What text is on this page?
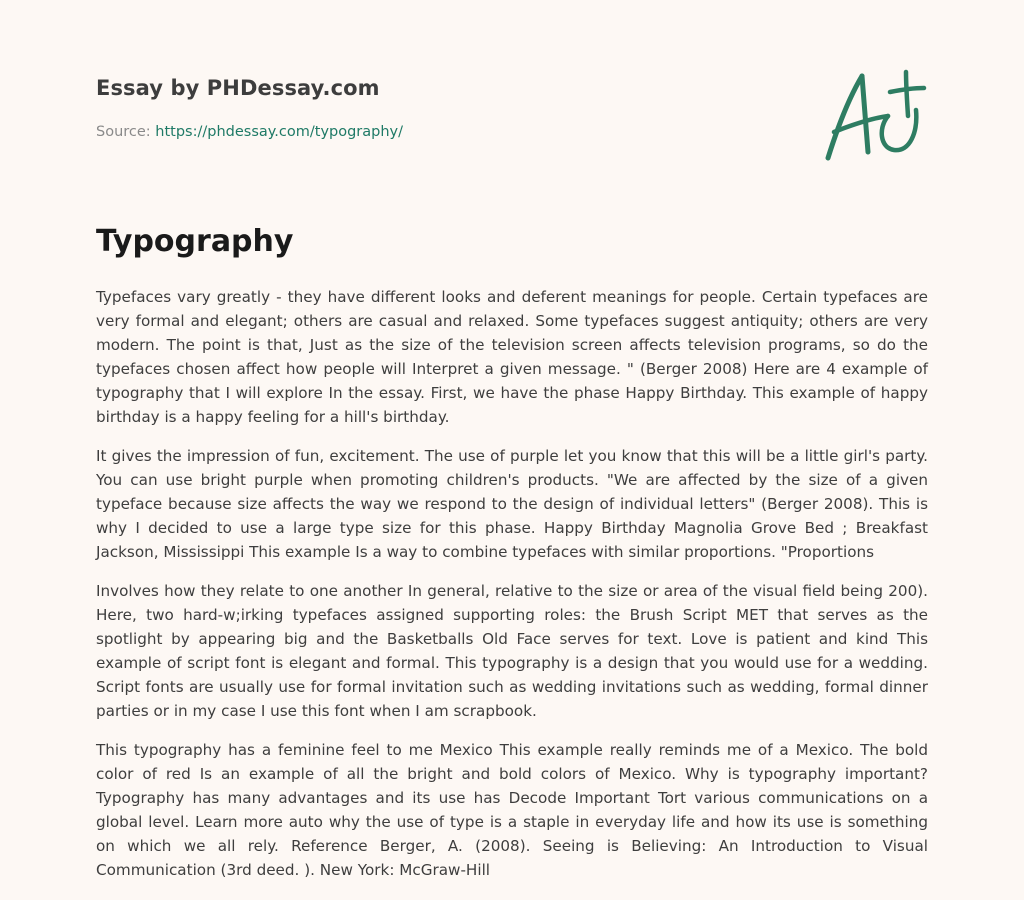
Essay by PHDessay.com

Source: https://phdessay.com/typography/

Typography

Typefaces vary greatly - they have different looks and deferent meanings for people. Certain typefaces are very formal and elegant; others are casual and relaxed. Some typefaces suggest antiquity; others are very modern. The point is that, Just as the size of the television screen affects television programs, so do the typefaces chosen affect how people will Interpret a given message. " (Berger 2008) Here are 4 example of typography that I will explore In the essay. First, we have the phase Happy Birthday. This example of happy birthday is a happy feeling for a hill's birthday.

It gives the impression of fun, excitement. The use of purple let you know that this will be a little girl's party. You can use bright purple when promoting children's products. "We are affected by the size of a given typeface because size affects the way we respond to the design of individual letters" (Berger 2008). This is why I decided to use a large type size for this phase. Happy Birthday Magnolia Grove Bed ; Breakfast Jackson, Mississippi This example Is a way to combine typefaces with similar proportions. "Proportions

Involves how they relate to one another In general, relative to the size or area of the visual field being 200). Here, two hard-w;irking typefaces assigned supporting roles: the Brush Script MET that serves as the spotlight by appearing big and the Basketballs Old Face serves for text. Love is patient and kind This example of script font is elegant and formal. This typography is a design that you would use for a wedding. Script fonts are usually use for formal invitation such as wedding invitations such as wedding, formal dinner parties or in my case I use this font when I am scrapbook.

This typography has a feminine feel to me Mexico This example really reminds me of a Mexico. The bold color of red Is an example of all the bright and bold colors of Mexico. Why is typography important? Typography has many advantages and its use has Decode Important Tort various communications on a global level. Learn more auto why the use of type is a staple in everyday life and how its use is something on which we all rely. Reference Berger, A. (2008). Seeing is Believing: An Introduction to Visual Communication (3rd deed. ). New York: McGraw-Hill
